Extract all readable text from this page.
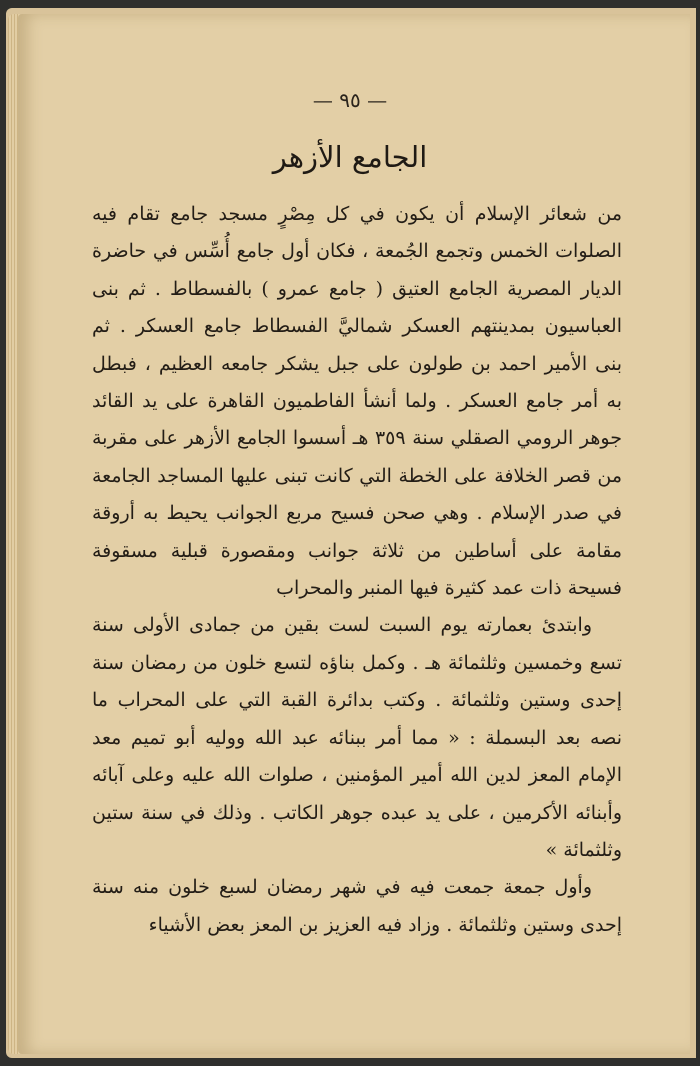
— ٩٥ —
الجامع الأزهر

من شعائر الإسلام أن يكون في كل مِصْرٍ مسجد جامع تقام فيه الصلوات الخمس وتجمع الجُمعة ، فكان أول جامع أُسِّس في حاضرة الديار المصرية الجامع العتيق ( جامع عمرو ) بالفسطاط . ثم بنى العباسيون بمدينتهم العسكر شماليَّ الفسطاط جامع العسكر . ثم بنى الأمير احمد بن طولون على جبل يشكر جامعه العظيم ، فبطل به أمر جامع العسكر . ولما أنشأ الفاطميون القاهرة على يد القائد جوهر الرومي الصقلي سنة ٣٥٩ هـ أسسوا الجامع الأزهر على مقربة من قصر الخلافة على الخطة التي كانت تبنى عليها المساجد الجامعة في صدر الإسلام . وهي صحن فسيح مربع الجوانب يحيط به أروقة مقامة على أساطين من ثلاثة جوانب ومقصورة قبلية مسقوفة فسيحة ذات عمد كثيرة فيها المنبر والمحراب

وابتدئ بعمارته يوم السبت لست بقين من جمادى الأولى سنة تسع وخمسين وثلثمائة هـ . وكمل بناؤه لتسع خلون من رمضان سنة إحدى وستين وثلثمائة . وكتب بدائرة القبة التي على المحراب ما نصه بعد البسملة : « مما أمر ببنائه عبد الله ووليه أبو تميم معد الإمام المعز لدين الله أمير المؤمنين ، صلوات الله عليه وعلى آبائه وأبنائه الأكرمين ، على يد عبده جوهر الكاتب . وذلك في سنة ستين وثلثمائة »

وأول جمعة جمعت فيه في شهر رمضان لسبع خلون منه سنة إحدى وستين وثلثمائة . وزاد فيه العزيز بن المعز بعض الأشياء
